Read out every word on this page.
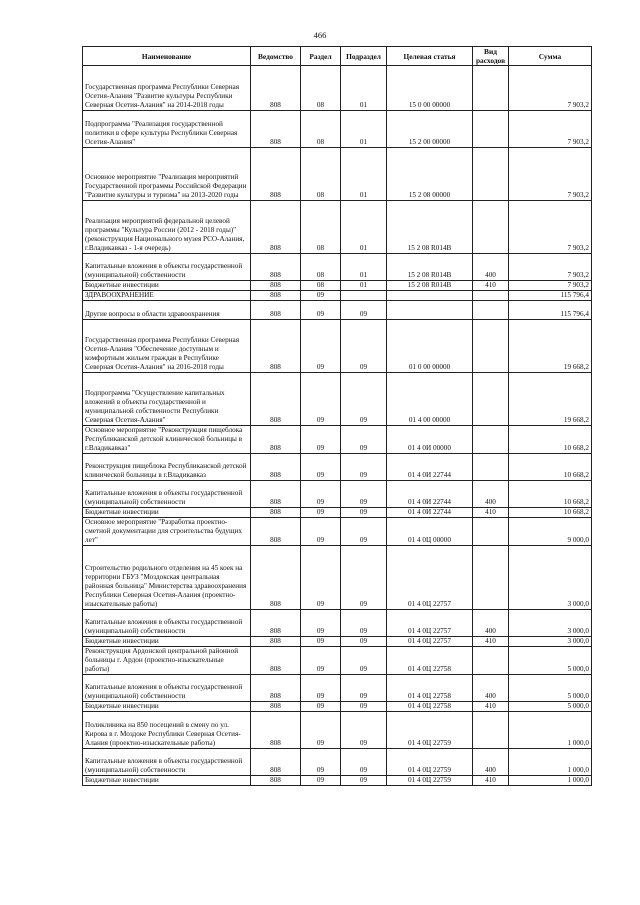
466
Наименование	Ведомство	Раздел	Подраздел	Целевая статья	Вид расходов	Сумма
Государственная программа Республики Северная Осетия-Алания "Развитие культуры Республики Северная Осетия-Алания" на 2014-2018 годы	808	08	01	15 0 00 00000		7 903,2
Подпрограмма "Реализация государственной политики в сфере культуры Республики Северная Осетия-Алания"	808	08	01	15 2 00 00000		7 903,2
Основное мероприятие "Реализация мероприятий Государственной программы Российской Федерации "Развитие культуры и туризма" на 2013-2020 годы	808	08	01	15 2 08 00000		7 903,2
Реализация мероприятий федеральной целевой программы "Культура России (2012 - 2018 годы)" (реконструкция Национального музея РСО-Алания, г.Владикавказ - 1-я очередь)	808	08	01	15 2 08 R014В		7 903,2
Капитальные вложения в объекты государственной (муниципальной) собственности	808	08	01	15 2 08 R014В	400	7 903,2
Бюджетные инвестиции	808	08	01	15 2 08 R014В	410	7 903,2
ЗДРАВООХРАНЕНИЕ	808	09				115 796,4
Другие вопросы в области здравоохранения	808	09	09			115 796,4
Государственная программа Республики Северная Осетия-Алания "Обеспечение доступным и комфортным жильем граждан в Республике Северная Осетия-Алания" на 2016-2018 годы	808	09	09	01 0 00 00000		19 668,2
Подпрограмма "Осуществление капитальных вложений в объекты государственной и муниципальной собственности Республики Северная Осетия-Алания"	808	09	09	01 4 00 00000		19 668,2
Основное мероприятие "Реконструкция пищеблока Республиканской детской клинической больницы в г.Владикавказ"	808	09	09	01 4 0И 00000		10 668,2
Реконструкция пищеблока Республиканской детской клинической больницы в г.Владикавказ	808	09	09	01 4 0И 22744		10 668,2
Капитальные вложения в объекты государственной (муниципальной) собственности	808	09	09	01 4 0И 22744	400	10 668,2
Бюджетные инвестиции	808	09	09	01 4 0И 22744	410	10 668,2
Основное мероприятие "Разработка проектно-сметной документации для строительства будущих лет"	808	09	09	01 4 0Ц 00000		9 000,0
Строительство родильного отделения на 45 коек на территории ГБУЗ "Моздокская центральная районная больница" Министерства здравоохранения Республики Северная Осетия-Алания (проектно-изыскательные работы)	808	09	09	01 4 0Ц 22757		3 000,0
Капитальные вложения в объекты государственной (муниципальной) собственности	808	09	09	01 4 0Ц 22757	400	3 000,0
Бюджетные инвестиции	808	09	09	01 4 0Ц 22757	410	3 000,0
Реконструкция Ардонской центральной районной больницы г. Ардон (проектно-изыскательные работы)	808	09	09	01 4 0Ц 22758		5 000,0
Капитальные вложения в объекты государственной (муниципальной) собственности	808	09	09	01 4 0Ц 22758	400	5 000,0
Бюджетные инвестиции	808	09	09	01 4 0Ц 22758	410	5 000,0
Поликлиника на 850 посещений в смену по ул. Кирова в г. Моздоке Республики Северная Осетия-Алания (проектно-изыскательные работы)	808	09	09	01 4 0Ц 22759		1 000,0
Капитальные вложения в объекты государственной (муниципальной) собственности	808	09	09	01 4 0Ц 22759	400	1 000,0
Бюджетные инвестиции	808	09	09	01 4 0Ц 22759	410	1 000,0
